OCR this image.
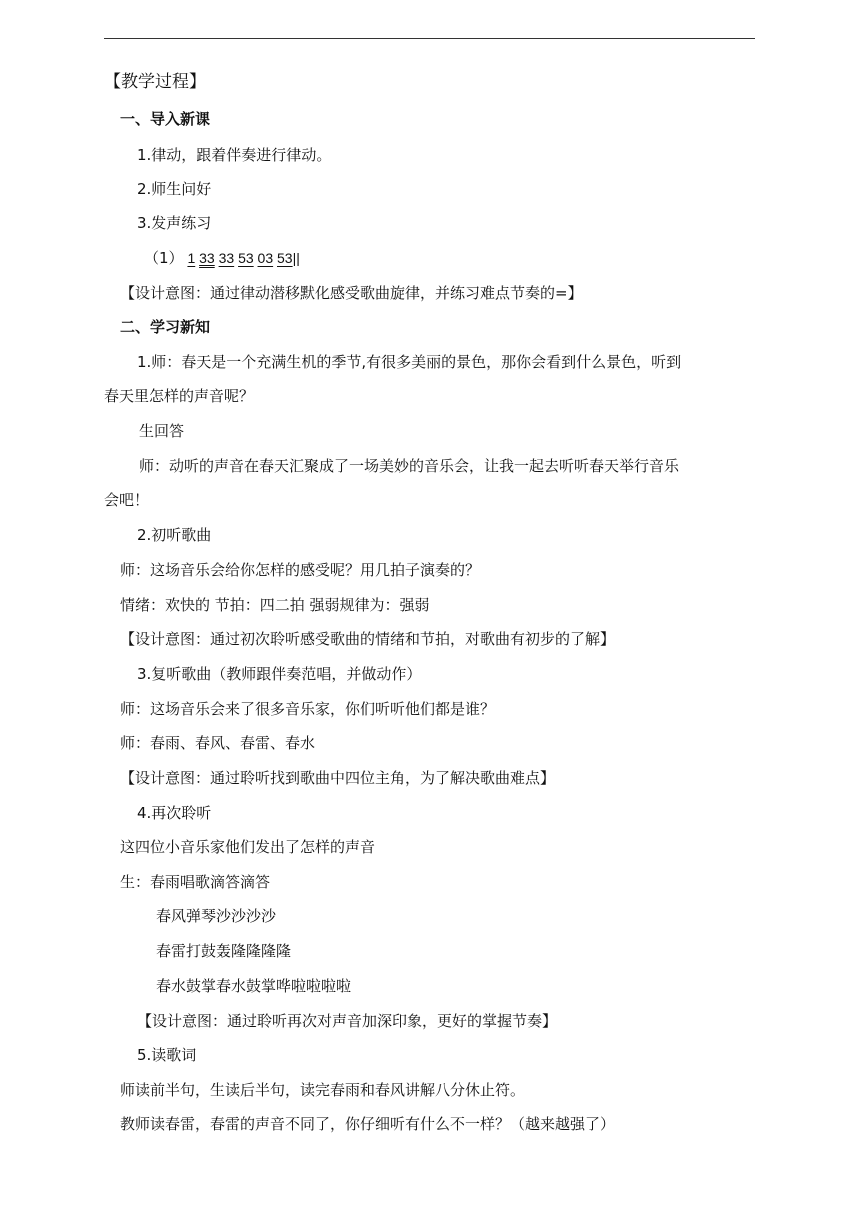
【教学过程】
一、导入新课
1.律动，跟着伴奏进行律动。
2.师生问好
3.发声练习
（1） 1 33 33 53 03 53||
【设计意图：通过律动潜移默化感受歌曲旋律，并练习难点节奏的=】
二、学习新知
1.师：春天是一个充满生机的季节,有很多美丽的景色，那你会看到什么景色，听到
春天里怎样的声音呢？
生回答
师：动听的声音在春天汇聚成了一场美妙的音乐会，让我一起去听听春天举行音乐
会吧！
2.初听歌曲
师：这场音乐会给你怎样的感受呢？用几拍子演奏的？
情绪：欢快的 节拍：四二拍 强弱规律为：强弱
【设计意图：通过初次聆听感受歌曲的情绪和节拍，对歌曲有初步的了解】
3.复听歌曲（教师跟伴奏范唱，并做动作）
师：这场音乐会来了很多音乐家，你们听听他们都是谁？
师：春雨、春风、春雷、春水
【设计意图：通过聆听找到歌曲中四位主角，为了解决歌曲难点】
4.再次聆听
这四位小音乐家他们发出了怎样的声音
生：春雨唱歌滴答滴答
春风弹琴沙沙沙沙
春雷打鼓轰隆隆隆隆
春水鼓掌春水鼓掌哗啦啦啦啦
【设计意图：通过聆听再次对声音加深印象，更好的掌握节奏】
5.读歌词
师读前半句，生读后半句，读完春雨和春风讲解八分休止符。
教师读春雷，春雷的声音不同了，你仔细听有什么不一样？（越来越强了）
